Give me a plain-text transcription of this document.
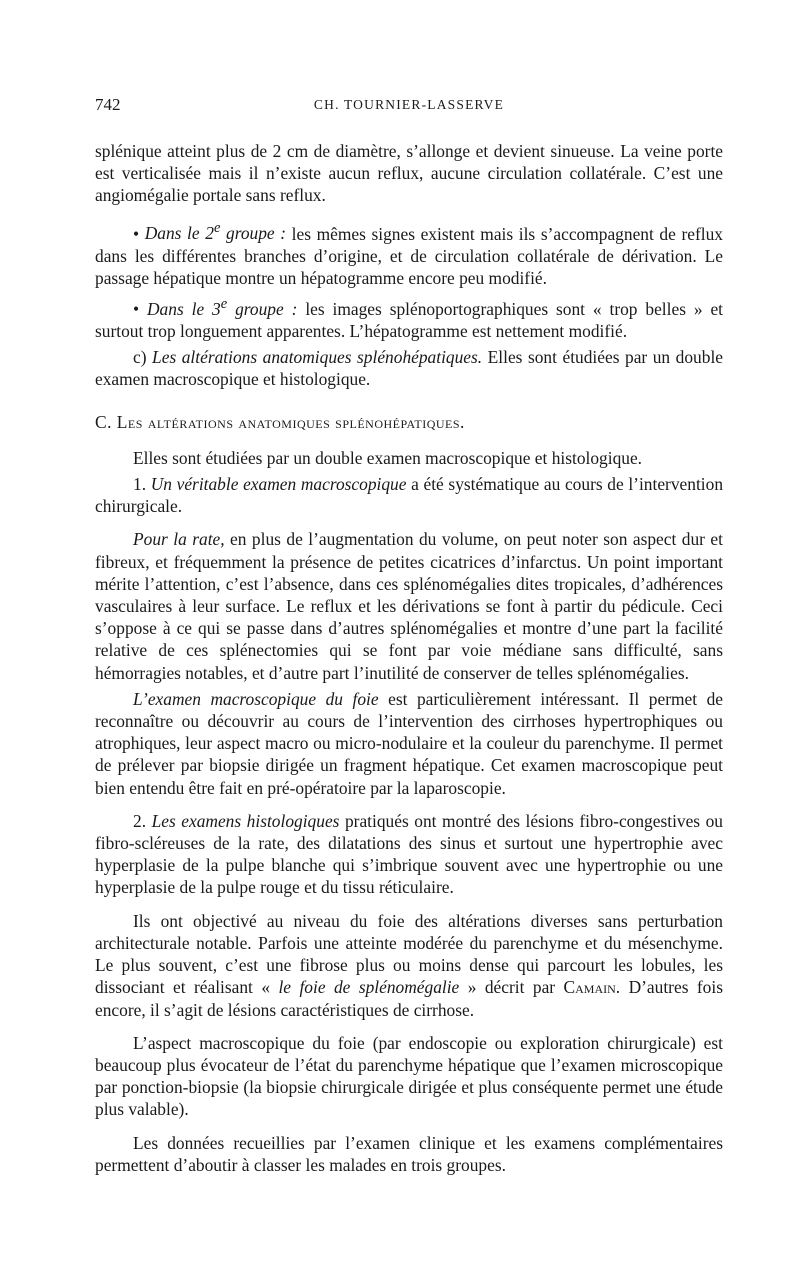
742	CH. TOURNIER-LASSERVE

splénique atteint plus de 2 cm de diamètre, s’allonge et devient sinueuse. La veine porte est verticalisée mais il n’existe aucun reflux, aucune circulation collatérale. C’est une angiomégalie portale sans reflux.

• Dans le 2e groupe : les mêmes signes existent mais ils s’accompagnent de reflux dans les différentes branches d’origine, et de circulation collatérale de dérivation. Le passage hépatique montre un hépatogramme encore peu modifié.

• Dans le 3e groupe : les images splénoportographiques sont « trop belles » et surtout trop longuement apparentes. L’hépatogramme est nettement modifié.

c) Les altérations anatomiques splénohépatiques. Elles sont étudiées par un double examen macroscopique et histologique.

C. Les altérations anatomiques splénohépatiques.

Elles sont étudiées par un double examen macroscopique et histologique.

1. Un véritable examen macroscopique a été systématique au cours de l’intervention chirurgicale.

Pour la rate, en plus de l’augmentation du volume, on peut noter son aspect dur et fibreux, et fréquemment la présence de petites cicatrices d’infarctus. Un point important mérite l’attention, c’est l’absence, dans ces splénomégalies dites tropicales, d’adhérences vasculaires à leur surface. Le reflux et les dérivations se font à partir du pédicule. Ceci s’oppose à ce qui se passe dans d’autres splénomégalies et montre d’une part la facilité relative de ces splénectomies qui se font par voie médiane sans difficulté, sans hémorragies notables, et d’autre part l’inutilité de conserver de telles splénomégalies.

L’examen macroscopique du foie est particulièrement intéressant. Il permet de reconnaître ou découvrir au cours de l’intervention des cirrhoses hypertrophiques ou atrophiques, leur aspect macro ou micro-nodulaire et la couleur du parenchyme. Il permet de prélever par biopsie dirigée un fragment hépatique. Cet examen macroscopique peut bien entendu être fait en pré-opératoire par la laparoscopie.

2. Les examens histologiques pratiqués ont montré des lésions fibro-congestives ou fibro-scléreuses de la rate, des dilatations des sinus et surtout une hypertrophie avec hyperplasie de la pulpe blanche qui s’imbrique souvent avec une hypertrophie ou une hyperplasie de la pulpe rouge et du tissu réticulaire.

Ils ont objectivé au niveau du foie des altérations diverses sans perturbation architecturale notable. Parfois une atteinte modérée du parenchyme et du mésenchyme. Le plus souvent, c’est une fibrose plus ou moins dense qui parcourt les lobules, les dissociant et réalisant « le foie de splénomégalie » décrit par Camain. D’autres fois encore, il s’agit de lésions caractéristiques de cirrhose.

L’aspect macroscopique du foie (par endoscopie ou exploration chirurgicale) est beaucoup plus évocateur de l’état du parenchyme hépatique que l’examen microscopique par ponction-biopsie (la biopsie chirurgicale dirigée et plus conséquente permet une étude plus valable).

Les données recueillies par l’examen clinique et les examens complémentaires permettent d’aboutir à classer les malades en trois groupes.
